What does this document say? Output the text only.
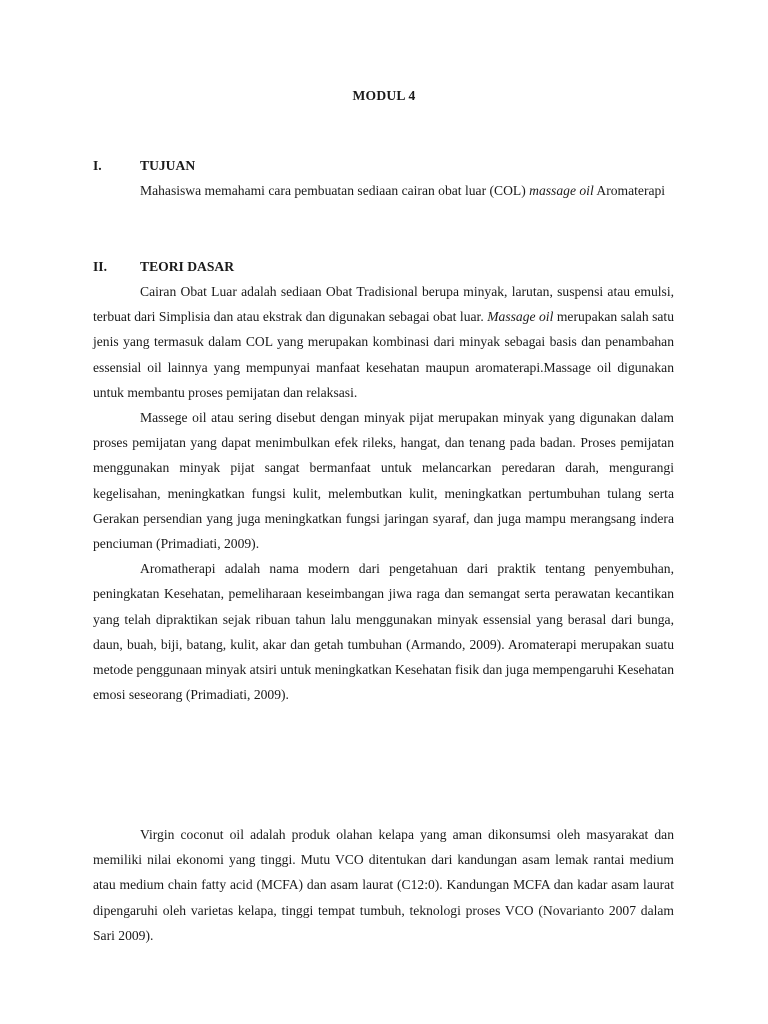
MODUL 4
I.	TUJUAN

Mahasiswa memahami cara pembuatan sediaan cairan obat luar (COL) massage oil Aromaterapi

II. TEORI DASAR

Cairan Obat Luar adalah sediaan Obat Tradisional berupa minyak, larutan, suspensi atau emulsi, terbuat dari Simplisia dan atau ekstrak dan digunakan sebagai obat luar. Massage oil merupakan salah satu jenis yang termasuk dalam COL yang merupakan kombinasi dari minyak sebagai basis dan penambahan essensial oil lainnya yang mempunyai manfaat kesehatan maupun aromaterapi.Massage oil digunakan untuk membantu proses pemijatan dan relaksasi.

Massege oil atau sering disebut dengan minyak pijat merupakan minyak yang digunakan dalam proses pemijatan yang dapat menimbulkan efek rileks, hangat, dan tenang pada badan. Proses pemijatan menggunakan minyak pijat sangat bermanfaat untuk melancarkan peredaran darah, mengurangi kegelisahan, meningkatkan fungsi kulit, melembutkan kulit, meningkatkan pertumbuhan tulang serta Gerakan persendian yang juga meningkatkan fungsi jaringan syaraf, dan juga mampu merangsang indera penciuman (Primadiati, 2009).

Aromatherapi adalah nama modern dari pengetahuan dari praktik tentang penyembuhan, peningkatan Kesehatan, pemeliharaan keseimbangan jiwa raga dan semangat serta perawatan kecantikan yang telah dipraktikan sejak ribuan tahun lalu menggunakan minyak essensial yang berasal dari bunga, daun, buah, biji, batang, kulit, akar dan getah tumbuhan (Armando, 2009). Aromaterapi merupakan suatu metode penggunaan minyak atsiri untuk meningkatkan Kesehatan fisik dan juga mempengaruhi Kesehatan emosi seseorang (Primadiati, 2009).

Virgin coconut oil adalah produk olahan kelapa yang aman dikonsumsi oleh masyarakat dan memiliki nilai ekonomi yang tinggi. Mutu VCO ditentukan dari kandungan asam lemak rantai medium atau medium chain fatty acid (MCFA) dan asam laurat (C12:0). Kandungan MCFA dan kadar asam laurat dipengaruhi oleh varietas kelapa, tinggi tempat tumbuh, teknologi proses VCO (Novarianto 2007 dalam Sari 2009).
